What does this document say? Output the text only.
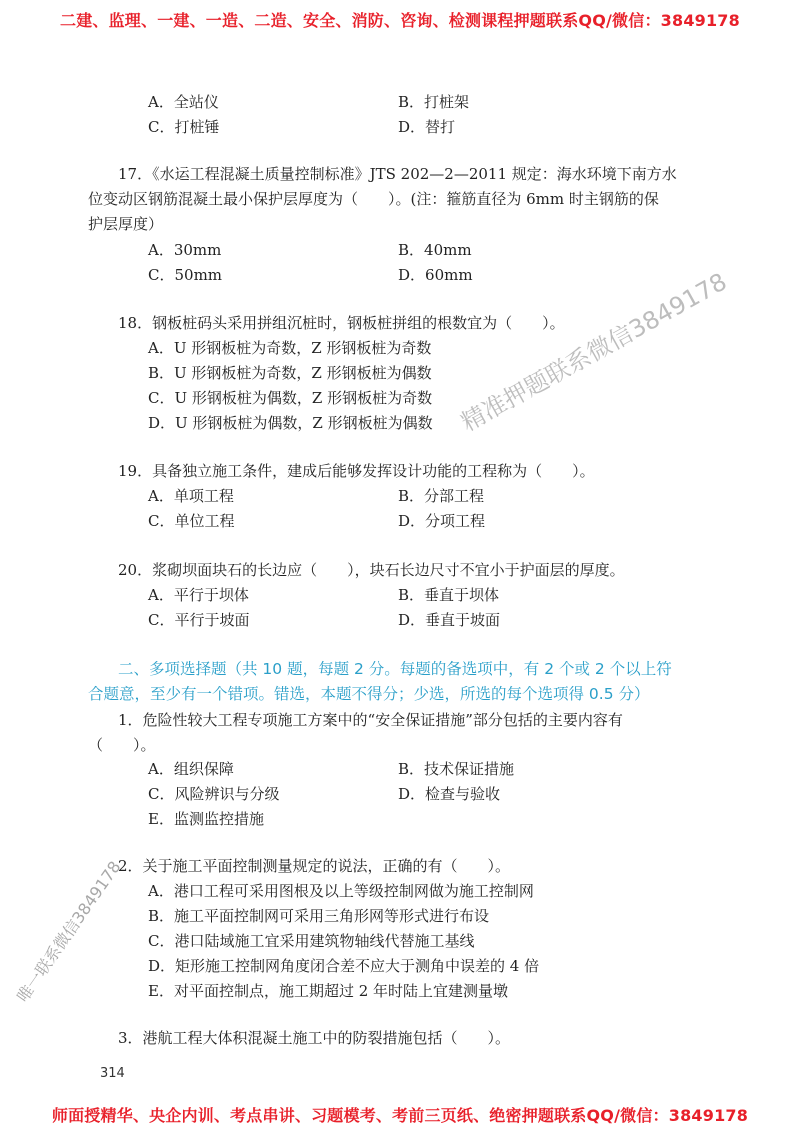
二建、监理、一建、一造、二造、安全、消防、咨询、检测课程押题联系QQ/微信：3849178
A．全站仪	B．打桩架
C．打桩锤	D．替打
17．《水运工程混凝土质量控制标准》JTS 202—2—2011 规定：海水环境下南方水
位变动区钢筋混凝土最小保护层厚度为（　　）。(注：箍筋直径为 6mm 时主钢筋的保
护层厚度）
A．30mm	B．40mm
C．50mm	D．60mm
18．钢板桩码头采用拼组沉桩时，钢板桩拼组的根数宜为（　　）。
A．U 形钢板桩为奇数，Z 形钢板桩为奇数
B．U 形钢板桩为奇数，Z 形钢板桩为偶数
C．U 形钢板桩为偶数，Z 形钢板桩为奇数
D．U 形钢板桩为偶数，Z 形钢板桩为偶数
19．具备独立施工条件，建成后能够发挥设计功能的工程称为（　　）。
A．单项工程	B．分部工程
C．单位工程	D．分项工程
20．浆砌坝面块石的长边应（　　），块石长边尺寸不宜小于护面层的厚度。
A．平行于坝体	B．垂直于坝体
C．平行于坡面	D．垂直于坡面
二、多项选择题（共 10 题，每题 2 分。每题的备选项中，有 2 个或 2 个以上符
合题意，至少有一个错项。错选，本题不得分；少选，所选的每个选项得 0.5 分）
1．危险性较大工程专项施工方案中的“安全保证措施”部分包括的主要内容有
（　　）。
A．组织保障	B．技术保证措施
C．风险辨识与分级	D．检查与验收
E．监测监控措施
2．关于施工平面控制测量规定的说法，正确的有（　　）。
A．港口工程可采用图根及以上等级控制网做为施工控制网
B．施工平面控制网可采用三角形网等形式进行布设
C．港口陆域施工宜采用建筑物轴线代替施工基线
D．矩形施工控制网角度闭合差不应大于测角中误差的 4 倍
E．对平面控制点，施工期超过 2 年时陆上宜建测量墩
3．港航工程大体积混凝土施工中的防裂措施包括（　　）。
314
精准押题联系微信3849178
唯一联系微信3849178
师面授精华、央企内训、考点串讲、习题模考、考前三页纸、绝密押题联系QQ/微信：3849178
